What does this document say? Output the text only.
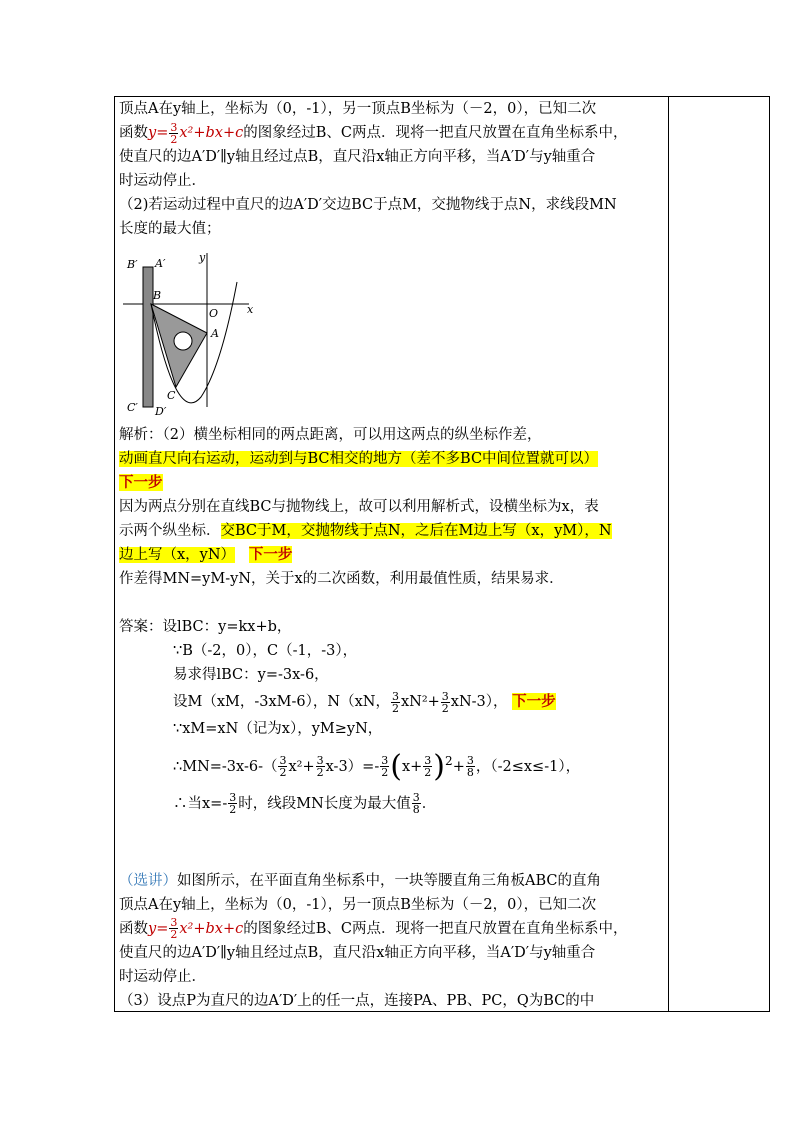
顶点A在y轴上，坐标为（0，-1），另一顶点B坐标为（－2，0），已知二次

函数$y= \frac{3}{2} x^2+bx+c$的图象经过B、C两点．现将一把直尺放置在直角坐标系中，

使直尺的边A′D′∥y轴且经过点B，直尺沿x轴正方向平移，当A′D′与y轴重合

时运动停止．

（2)若运动过程中直尺的边A′D′交边BC于点M，交抛物线于点N，求线段MN

长度的最大值；

B′ A′	y
B
O	x
A
C
C′ D′

解析：（2）横坐标相同的两点距离，可以用这两点的纵坐标作差，

动画直尺向右运动，运动到与BC相交的地方（差不多BC中间位置就可以）

下一步

因为两点分别在直线BC与抛物线上，故可以利用解析式，设横坐标为x，表

示两个纵坐标．交BC于M，交抛物线于点N，之后在M边上写（x，yM），N

边上写（x，yN） 下一步

作差得MN=yM-yN，关于x的二次函数，利用最值性质，结果易求．

答案：设lBC：y=kx+b，

∵B（-2，0），C（-1，-3），

易求得lBC：y=-3x-6，

设M（xM，-3xM-6），N（xN， $\frac{3}{2} xN^2+ \frac{3}{2} xN-3$）， 下一步

∵xM=xN（记为x），yM≥yN，

∴MN=-3x-6-（ $\frac{3}{2} x^2+ \frac{3}{2} x-3)=- \frac{3}{2} (x+ \frac{3}{2} )^2+ \frac{3}{8}$ ，（-2≤x≤-1），

∴当$x=- \frac{3}{2}$ 时，线段MN长度为最大值 $\frac{3}{8}$ ．

（选讲）如图所示，在平面直角坐标系中，一块等腰直角三角板ABC的直角

顶点A在y轴上，坐标为（0，-1），另一顶点B坐标为（－2，0），已知二次

函数$y= \frac{3}{2} x^2+bx+c$的图象经过B、C两点．现将一把直尺放置在直角坐标系中，

使直尺的边A′D′∥y轴且经过点B，直尺沿x轴正方向平移，当A′D′与y轴重合

时运动停止．

（3）设点P为直尺的边A′D′上的任一点，连接PA、PB、PC，Q为BC的中
